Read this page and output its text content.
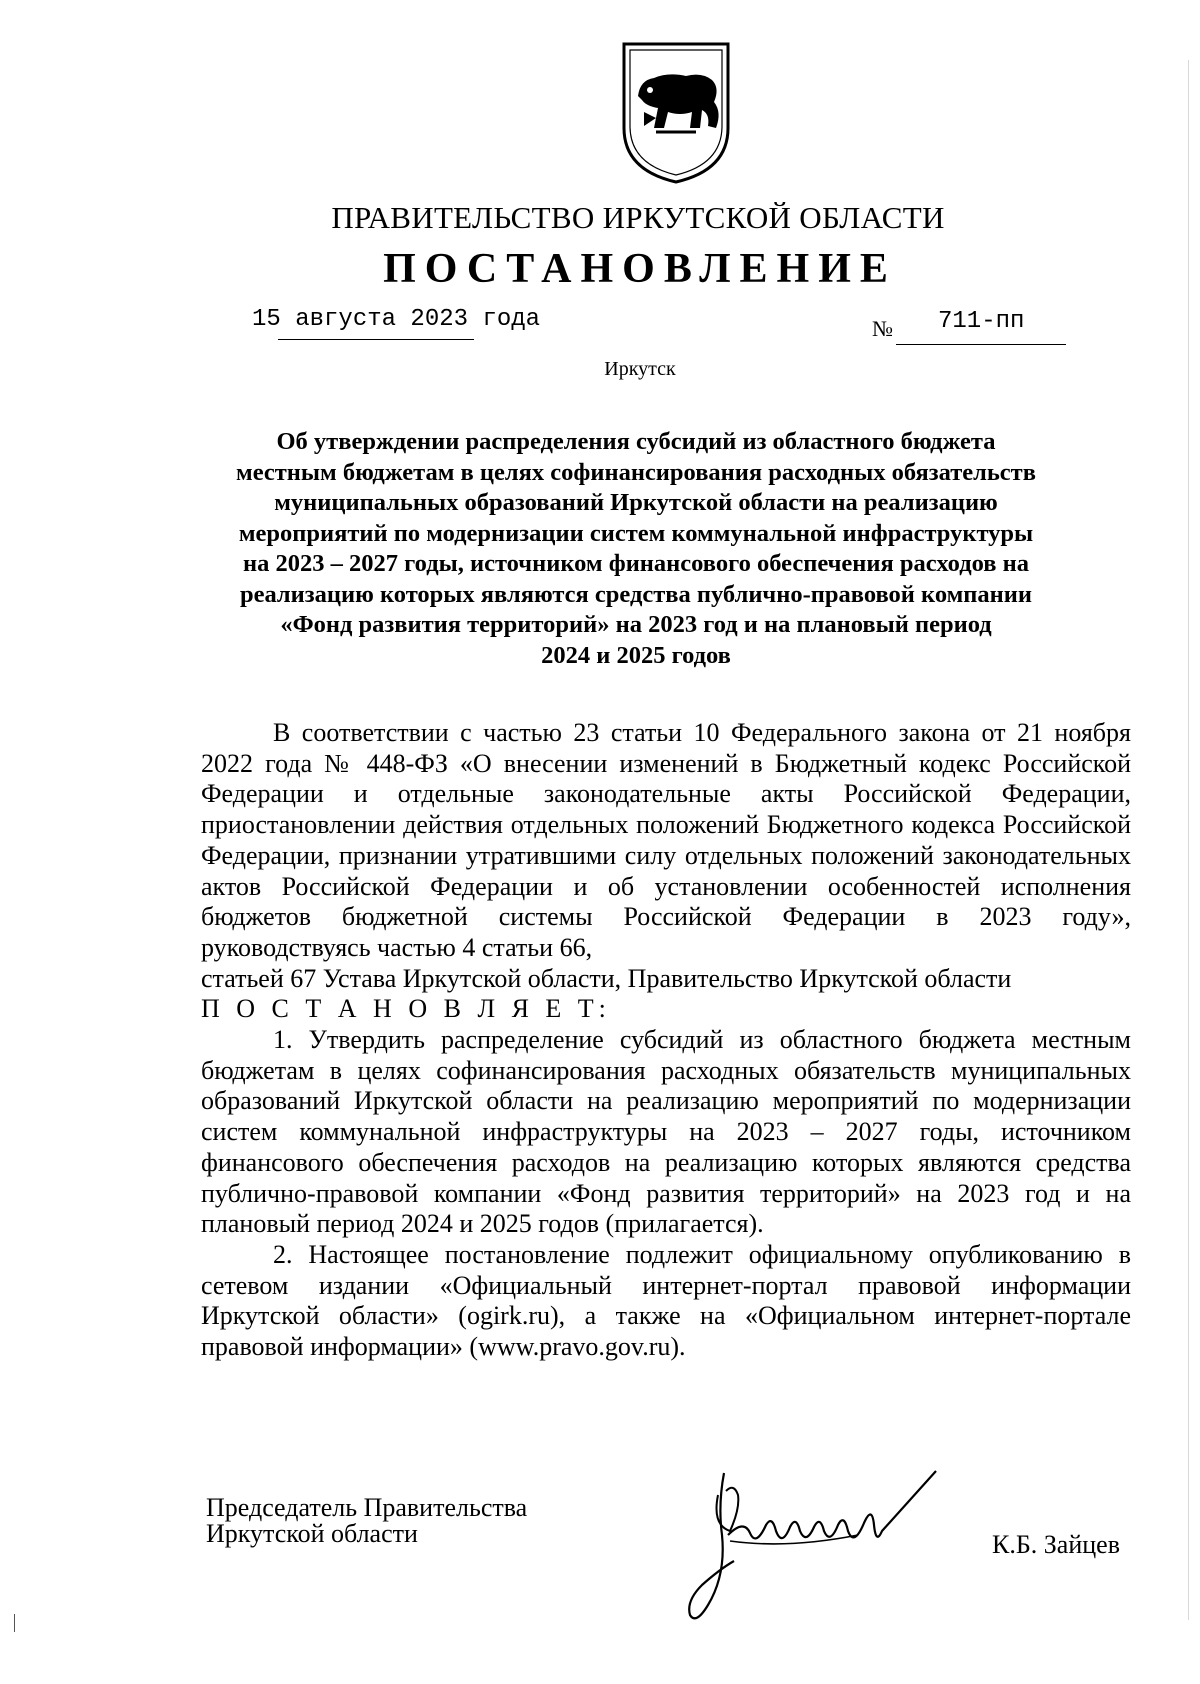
ПРАВИТЕЛЬСТВО ИРКУТСКОЙ ОБЛАСТИ
ПОСТАНОВЛЕНИЕ
15 августа 2023 года	№ 711-пп
Иркутск
Об утверждении распределения субсидий из областного бюджета
местным бюджетам в целях софинансирования расходных обязательств
муниципальных образований Иркутской области на реализацию
мероприятий по модернизации систем коммунальной инфраструктуры
на 2023 – 2027 годы, источником финансового обеспечения расходов на
реализацию которых являются средства публично-правовой компании
«Фонд развития территорий» на 2023 год и на плановый период
2024 и 2025 годов

В соответствии с частью 23 статьи 10 Федерального закона от 21 ноября 2022 года № 448-ФЗ «О внесении изменений в Бюджетный кодекс Российской Федерации и отдельные законодательные акты Российской Федерации, приостановлении действия отдельных положений Бюджетного кодекса Российской Федерации, признании утратившими силу отдельных положений законодательных актов Российской Федерации и об установлении особенностей исполнения бюджетов бюджетной системы Российской Федерации в 2023 году», руководствуясь частью 4 статьи 66,

статьей 67 Устава Иркутской области, Правительство Иркутской области

П О С Т А Н О В Л Я Е Т:

1. Утвердить распределение субсидий из областного бюджета местным бюджетам в целях софинансирования расходных обязательств муниципальных образований Иркутской области на реализацию мероприятий по модернизации систем коммунальной инфраструктуры на 2023 – 2027 годы, источником финансового обеспечения расходов на реализацию которых являются средства публично-правовой компании «Фонд развития территорий» на 2023 год и на плановый период 2024 и 2025 годов (прилагается).

2. Настоящее постановление подлежит официальному опубликованию в сетевом издании «Официальный интернет-портал правовой информации Иркутской области» (ogirk.ru), а также на «Официальном интернет-портале правовой информации» (www.pravo.gov.ru).

Председатель Правительства
Иркутской области	К.Б. Зайцев
